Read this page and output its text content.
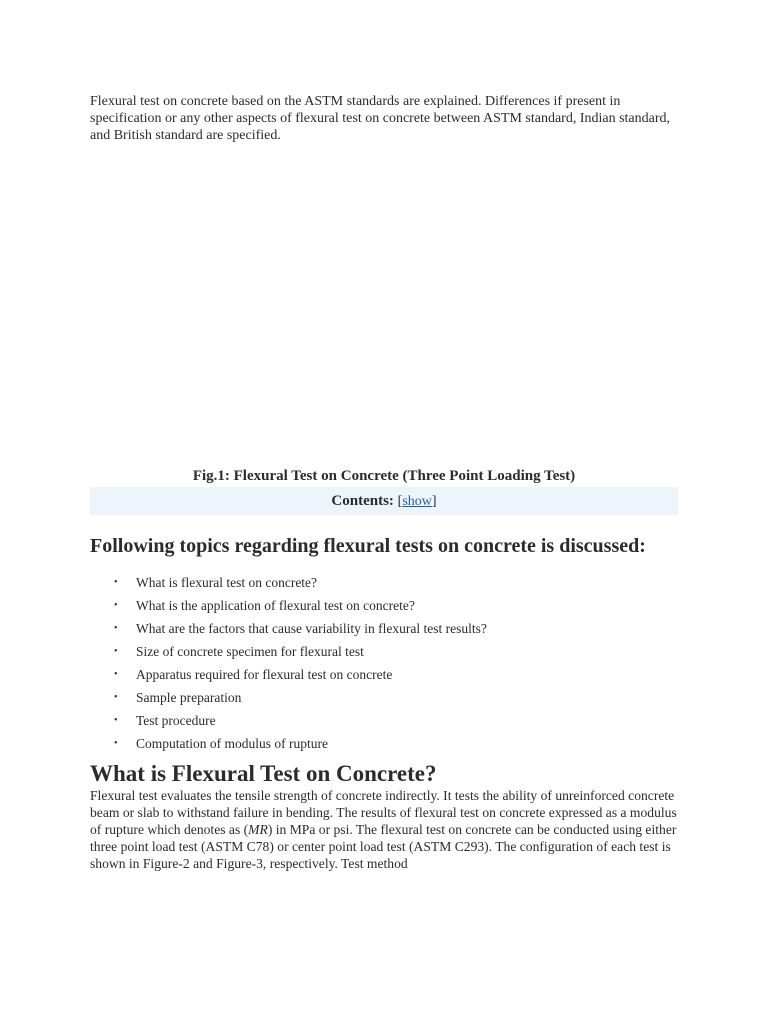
Flexural test on concrete based on the ASTM standards are explained. Differences if present in specification or any other aspects of flexural test on concrete between ASTM standard, Indian standard, and British standard are specified.

Fig.1: Flexural Test on Concrete (Three Point Loading Test)

Contents: [show]
Following topics regarding flexural tests on concrete is discussed:
• What is flexural test on concrete?
• What is the application of flexural test on concrete?
• What are the factors that cause variability in flexural test results?
• Size of concrete specimen for flexural test
• Apparatus required for flexural test on concrete
• Sample preparation
• Test procedure
• Computation of modulus of rupture
What is Flexural Test on Concrete?

Flexural test evaluates the tensile strength of concrete indirectly. It tests the ability of unreinforced concrete beam or slab to withstand failure in bending. The results of flexural test on concrete expressed as a modulus of rupture which denotes as (MR) in MPa or psi. The flexural test on concrete can be conducted using either three point load test (ASTM C78) or center point load test (ASTM C293). The configuration of each test is shown in Figure-2 and Figure-3, respectively. Test method
